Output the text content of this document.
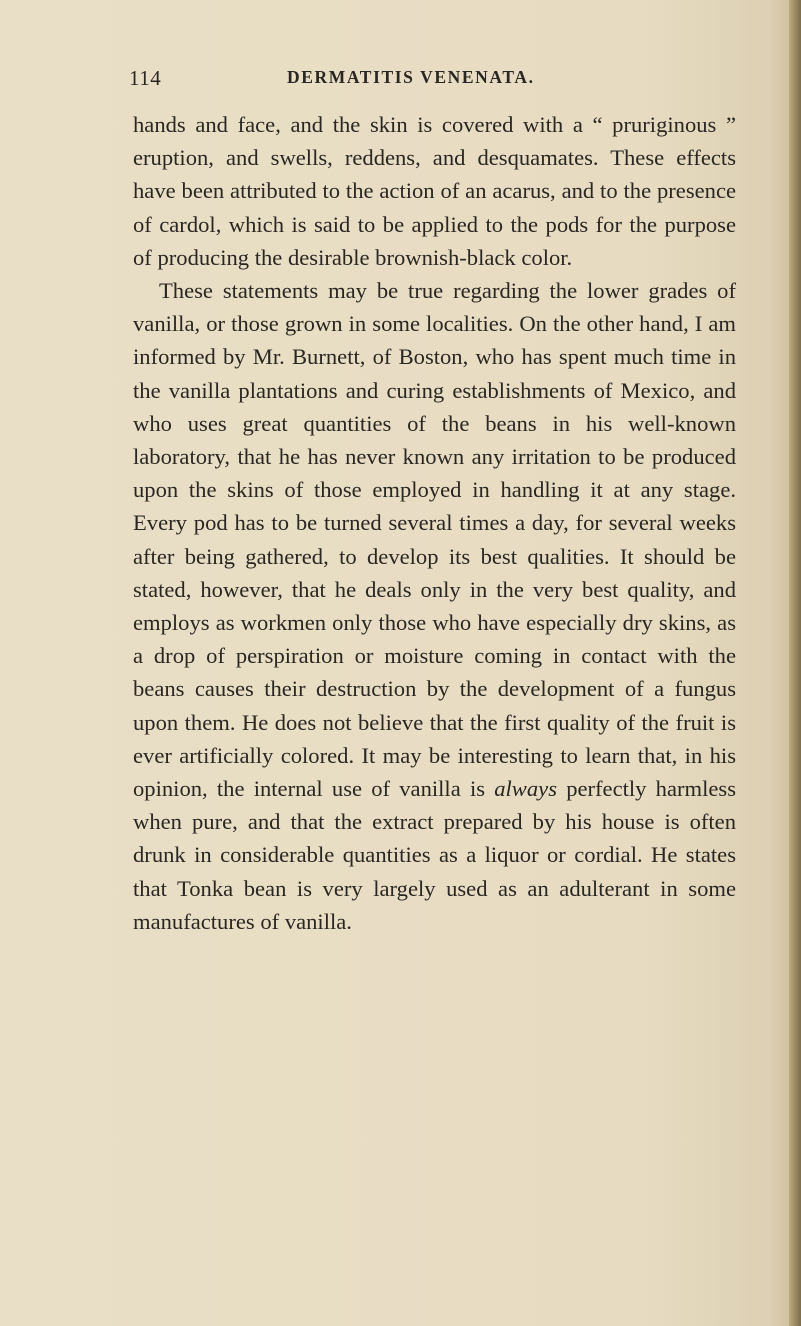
114	DERMATITIS VENENATA.

hands and face, and the skin is covered with a “ pruriginous ” eruption, and swells, reddens, and desquamates. These effects have been attributed to the action of an acarus, and to the presence of cardol, which is said to be applied to the pods for the purpose of producing the desirable brownish-black color.

These statements may be true regarding the lower grades of vanilla, or those grown in some localities. On the other hand, I am informed by Mr. Burnett, of Boston, who has spent much time in the vanilla plantations and curing establishments of Mexico, and who uses great quantities of the beans in his well-known laboratory, that he has never known any irritation to be produced upon the skins of those employed in handling it at any stage. Every pod has to be turned several times a day, for several weeks after being gathered, to develop its best qualities. It should be stated, however, that he deals only in the very best quality, and employs as workmen only those who have especially dry skins, as a drop of perspiration or moisture coming in contact with the beans causes their destruction by the development of a fungus upon them. He does not believe that the first quality of the fruit is ever artificially colored. It may be interesting to learn that, in his opinion, the internal use of vanilla is always perfectly harmless when pure, and that the extract prepared by his house is often drunk in considerable quantities as a liquor or cordial. He states that Tonka bean is very largely used as an adulterant in some manufactures of vanilla.
